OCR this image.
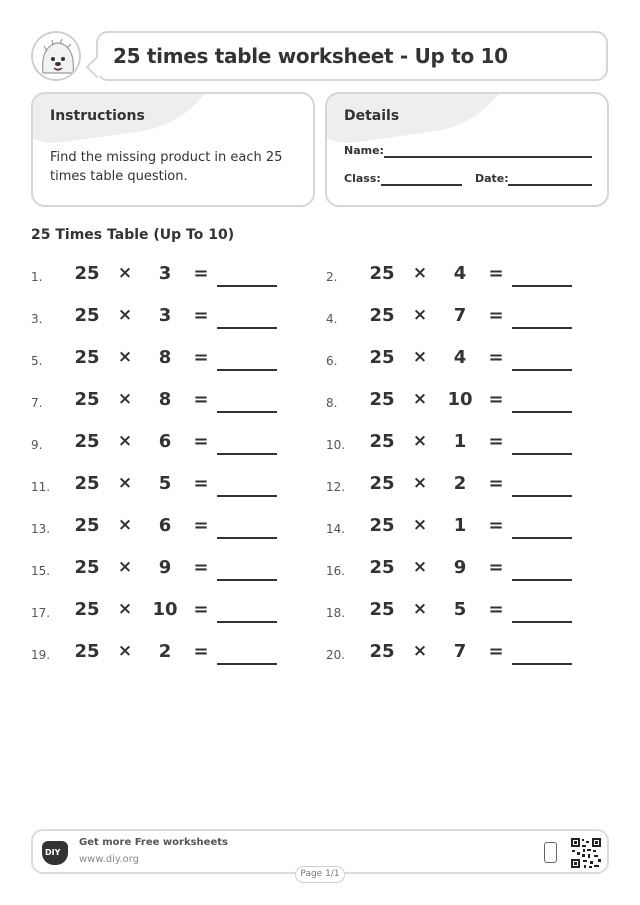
25 times table worksheet - Up to 10
Instructions
Find the missing product in each 25 times table question.
Details
Name:
Class:	Date:
25 Times Table (Up To 10)
1.	25	×	3	=	2.	25	×	4	=
3.	25	×	3	=	4.	25	×	7	=
5.	25	×	8	=	6.	25	×	4	=
7.	25	×	8	=	8.	25	×	10 =
9.	25	×	6	=	10.	25	×	1	=
11.	25	×	5	=	12.	25	×	2	=
13.	25	×	6	=	14.	25	×	1	=
15.	25	×	9	=	16.	25	×	9	=
17.	25	×	10 =	18.	25	×	5	=
19.	25	×	2	=	20.	25	×	7	=
DIY
Get more Free worksheets
www.diy.org
Page 1/1
